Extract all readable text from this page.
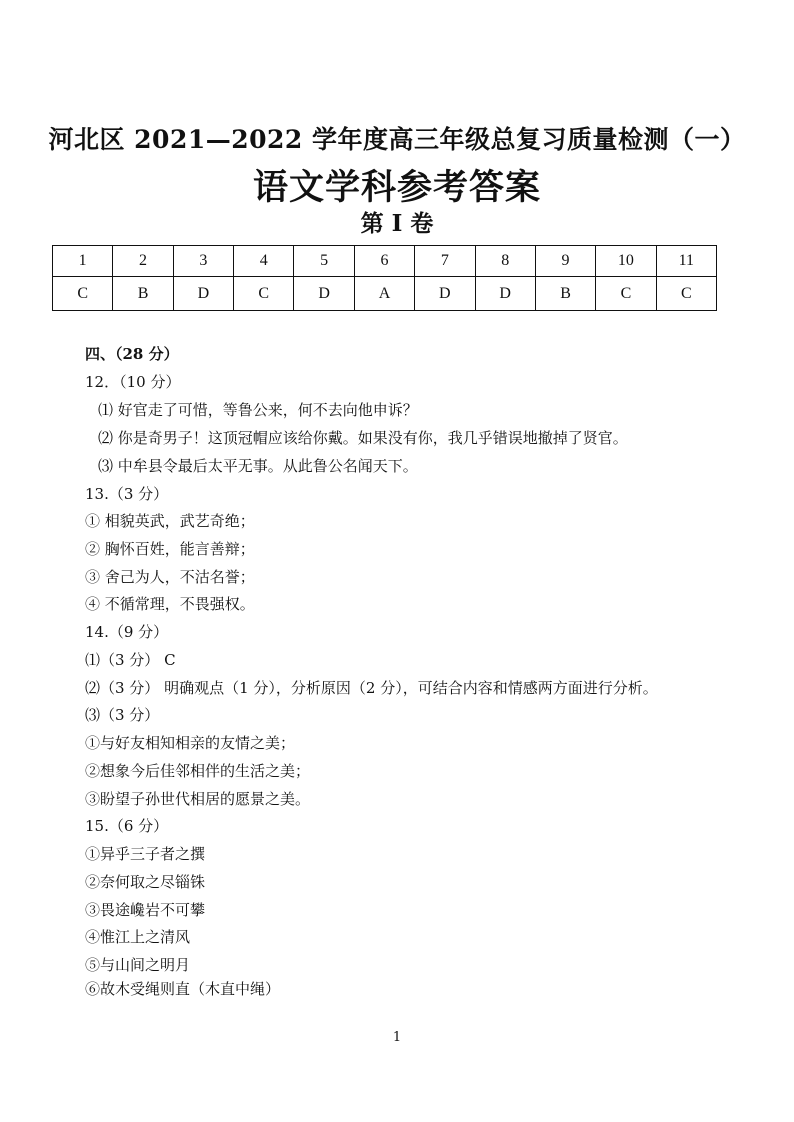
河北区 2021—2022 学年度高三年级总复习质量检测（一）
语文学科参考答案
第 I 卷
1	2	3	4	5	6	7	8	9	10	11
C	B	D	C	D	A	D	D	B	C	C
四、（28 分）
12．（10 分）
⑴ 好官走了可惜，等鲁公来，何不去向他申诉？
⑵ 你是奇男子！这顶冠帽应该给你戴。如果没有你，我几乎错误地撤掉了贤官。
⑶ 中牟县令最后太平无事。从此鲁公名闻天下。
13.（3 分）
① 相貌英武，武艺奇绝；
② 胸怀百姓，能言善辩；
③ 舍己为人，不沽名誉；
④ 不循常理，不畏强权。
14.（9 分）
⑴（3 分） C
⑵（3 分） 明确观点（1 分），分析原因（2 分），可结合内容和情感两方面进行分析。
⑶（3 分）
①与好友相知相亲的友情之美；
②想象今后佳邻相伴的生活之美；
③盼望子孙世代相居的愿景之美。
15.（6 分）
①异乎三子者之撰
②奈何取之尽锱铢
③畏途巉岩不可攀
④惟江上之清风
⑤与山间之明月
⑥故木受绳则直（木直中绳）
1
